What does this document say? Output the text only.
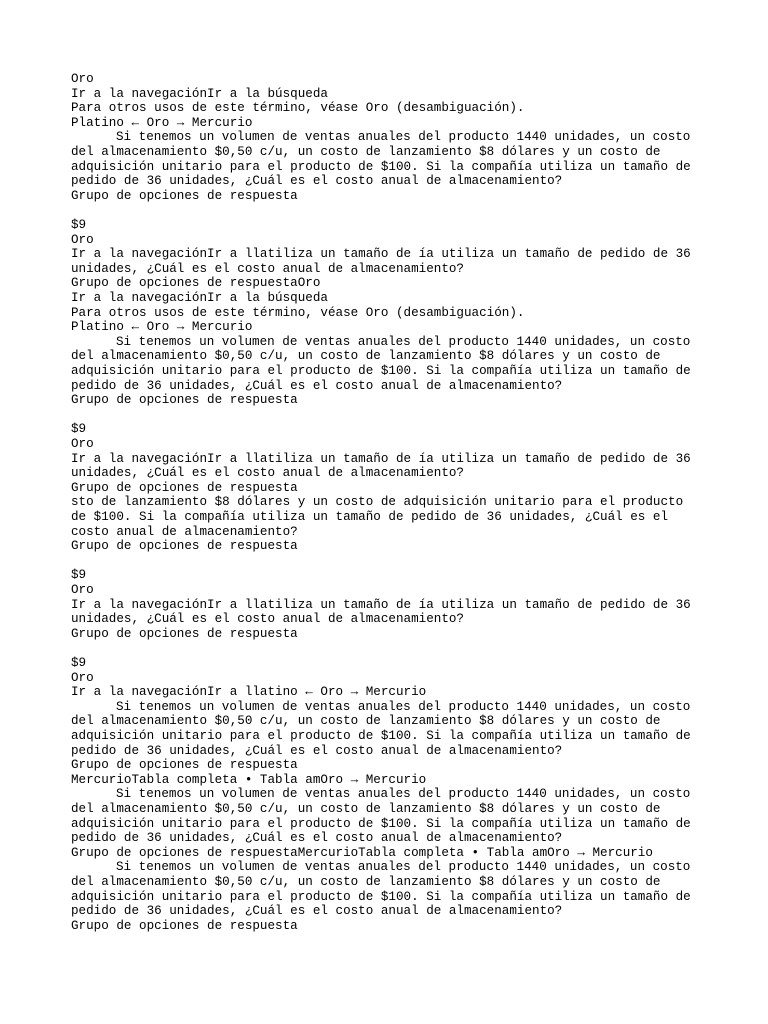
Oro
Ir a la navegaciónIr a la búsqueda
Para otros usos de este término, véase Oro (desambiguación).
Platino ← Oro → Mercurio
Si tenemos un volumen de ventas anuales del producto 1440 unidades, un costo
del almacenamiento $0,50 c/u, un costo de lanzamiento $8 dólares y un costo de
adquisición unitario para el producto de $100. Si la compañía utiliza un tamaño de
pedido de 36 unidades, ¿Cuál es el costo anual de almacenamiento?
Grupo de opciones de respuesta
$9
Oro
Ir a la navegaciónIr a llatiliza un tamaño de ía utiliza un tamaño de pedido de 36
unidades, ¿Cuál es el costo anual de almacenamiento?
Grupo de opciones de respuestaOro
Ir a la navegaciónIr a la búsqueda
Para otros usos de este término, véase Oro (desambiguación).
Platino ← Oro → Mercurio
Si tenemos un volumen de ventas anuales del producto 1440 unidades, un costo
del almacenamiento $0,50 c/u, un costo de lanzamiento $8 dólares y un costo de
adquisición unitario para el producto de $100. Si la compañía utiliza un tamaño de
pedido de 36 unidades, ¿Cuál es el costo anual de almacenamiento?
Grupo de opciones de respuesta
$9
Oro
Ir a la navegaciónIr a llatiliza un tamaño de ía utiliza un tamaño de pedido de 36
unidades, ¿Cuál es el costo anual de almacenamiento?
Grupo de opciones de respuesta
sto de lanzamiento $8 dólares y un costo de adquisición unitario para el producto
de $100. Si la compañía utiliza un tamaño de pedido de 36 unidades, ¿Cuál es el
costo anual de almacenamiento?
Grupo de opciones de respuesta
$9
Oro
Ir a la navegaciónIr a llatiliza un tamaño de ía utiliza un tamaño de pedido de 36
unidades, ¿Cuál es el costo anual de almacenamiento?
Grupo de opciones de respuesta
$9
Oro
Ir a la navegaciónIr a llatino ← Oro → Mercurio
Si tenemos un volumen de ventas anuales del producto 1440 unidades, un costo
del almacenamiento $0,50 c/u, un costo de lanzamiento $8 dólares y un costo de
adquisición unitario para el producto de $100. Si la compañía utiliza un tamaño de
pedido de 36 unidades, ¿Cuál es el costo anual de almacenamiento?
Grupo de opciones de respuesta
MercurioTabla completa • Tabla amOro → Mercurio
Si tenemos un volumen de ventas anuales del producto 1440 unidades, un costo
del almacenamiento $0,50 c/u, un costo de lanzamiento $8 dólares y un costo de
adquisición unitario para el producto de $100. Si la compañía utiliza un tamaño de
pedido de 36 unidades, ¿Cuál es el costo anual de almacenamiento?
Grupo de opciones de respuestaMercurioTabla completa • Tabla amOro → Mercurio
Si tenemos un volumen de ventas anuales del producto 1440 unidades, un costo
del almacenamiento $0,50 c/u, un costo de lanzamiento $8 dólares y un costo de
adquisición unitario para el producto de $100. Si la compañía utiliza un tamaño de
pedido de 36 unidades, ¿Cuál es el costo anual de almacenamiento?
Grupo de opciones de respuesta
